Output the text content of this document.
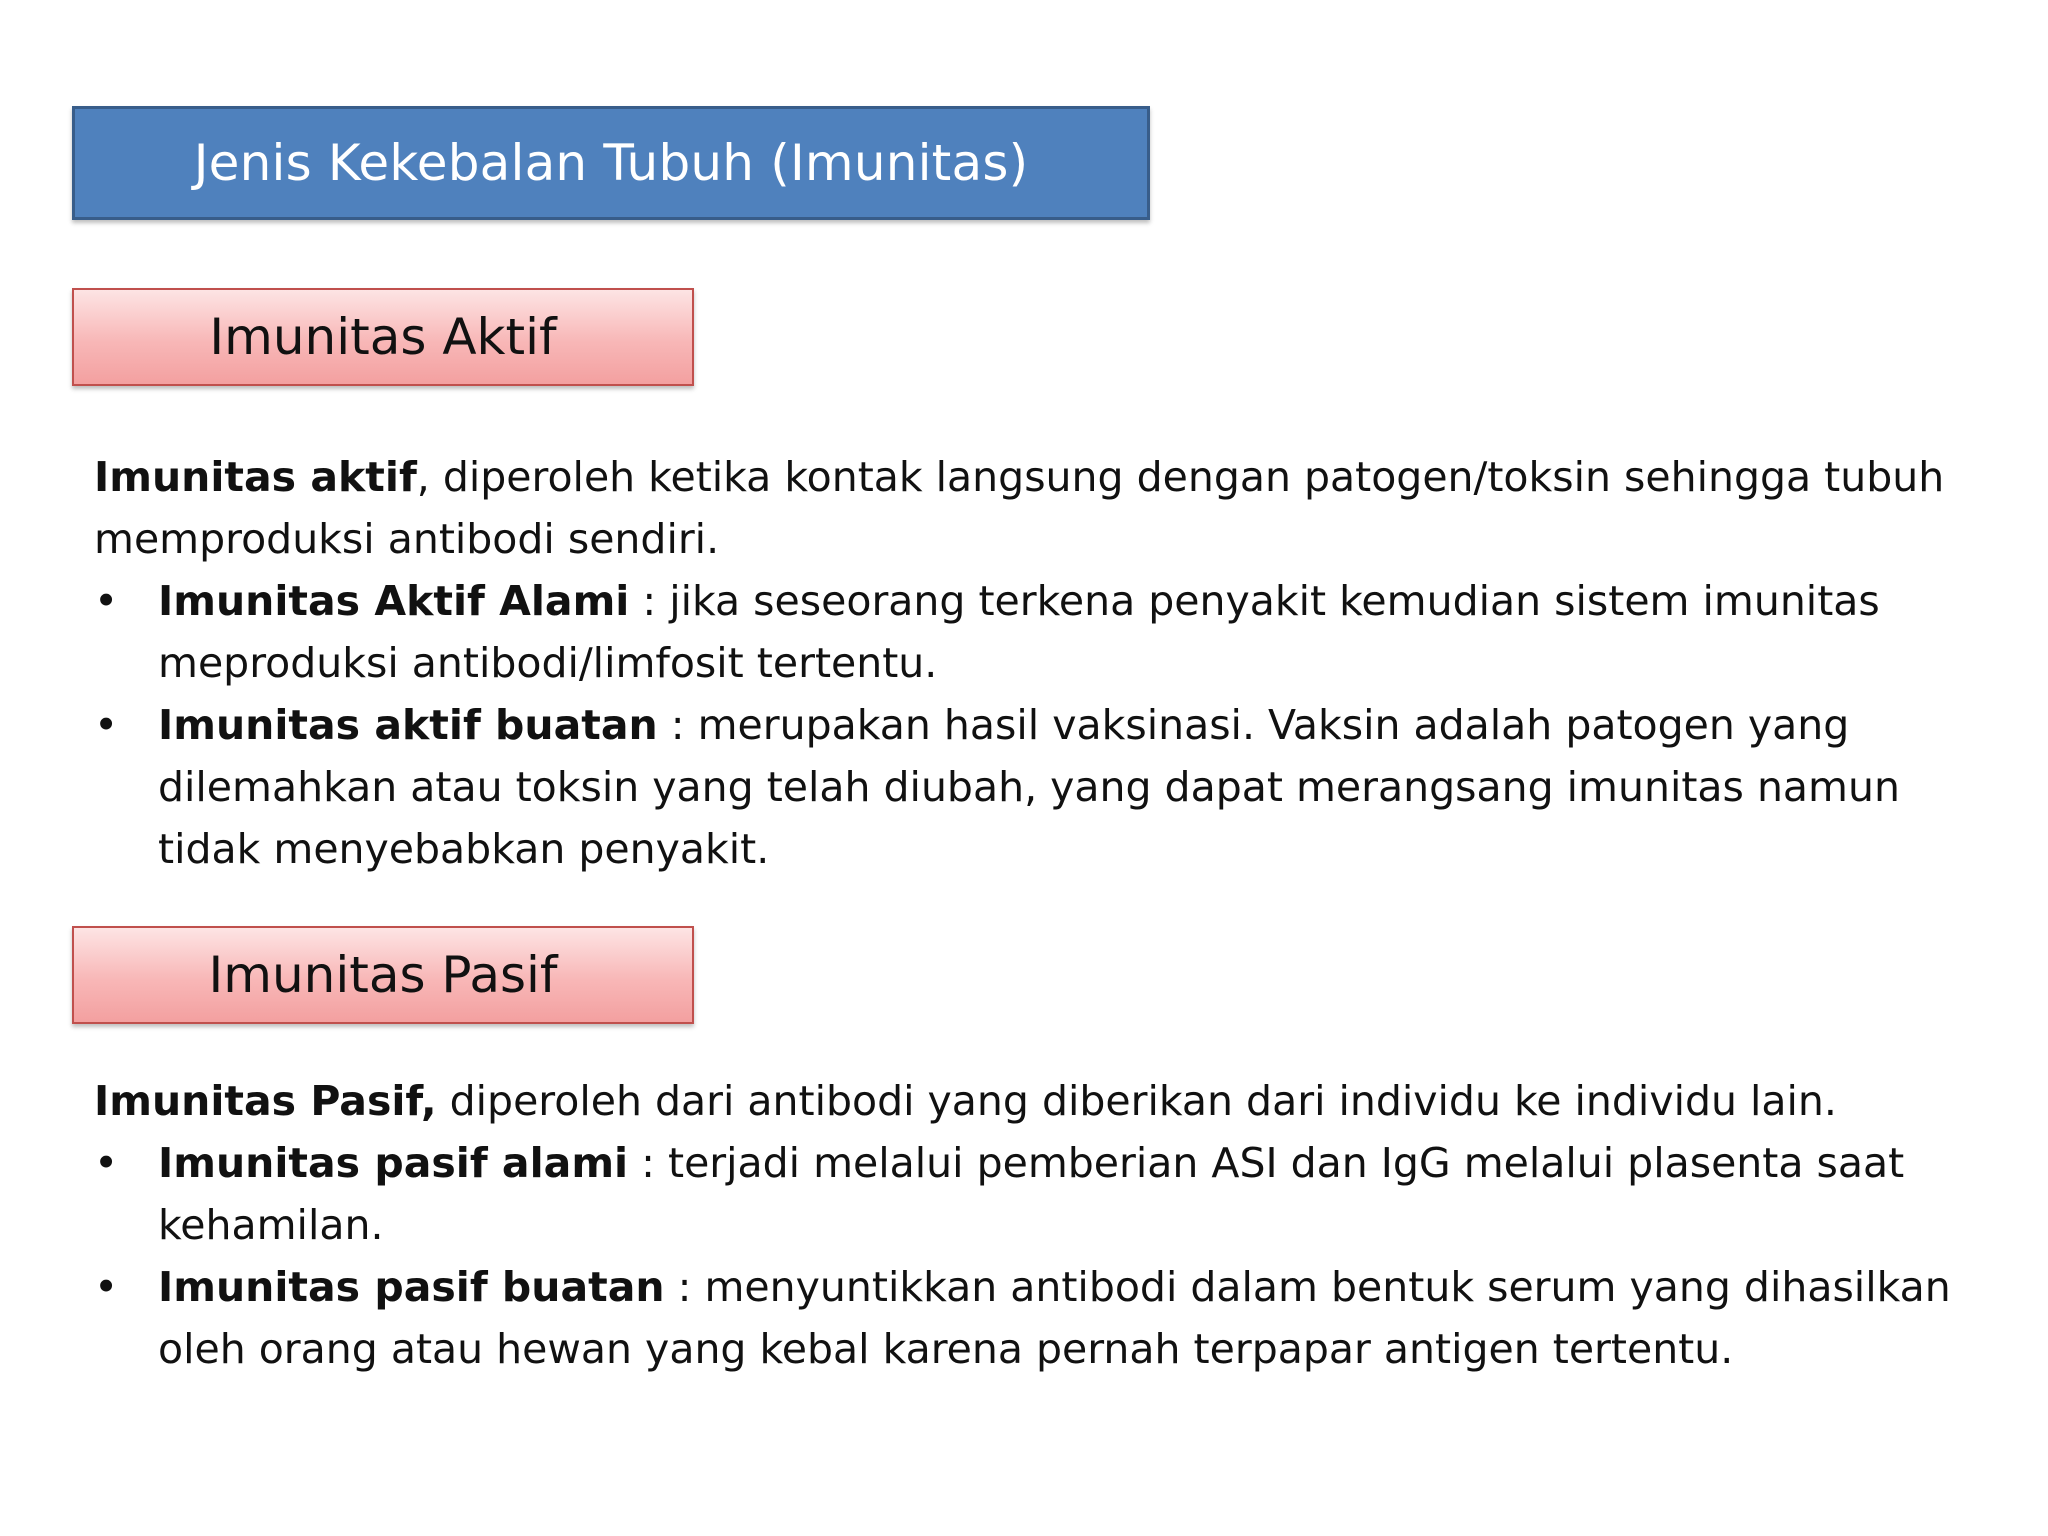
Jenis Kekebalan Tubuh (Imunitas)
Imunitas Aktif

Imunitas aktif, diperoleh ketika kontak langsung dengan patogen/toksin sehingga tubuh memproduksi antibodi sendiri.

• Imunitas Aktif Alami : jika seseorang terkena penyakit kemudian sistem imunitas meproduksi antibodi/limfosit tertentu.
• Imunitas aktif buatan : merupakan hasil vaksinasi. Vaksin adalah patogen yang dilemahkan atau toksin yang telah diubah, yang dapat merangsang imunitas namun tidak menyebabkan penyakit.
Imunitas Pasif

Imunitas Pasif, diperoleh dari antibodi yang diberikan dari individu ke individu lain.

• Imunitas pasif alami : terjadi melalui pemberian ASI dan IgG melalui plasenta saat kehamilan.
• Imunitas pasif buatan : menyuntikkan antibodi dalam bentuk serum yang dihasilkan oleh orang atau hewan yang kebal karena pernah terpapar antigen tertentu.
